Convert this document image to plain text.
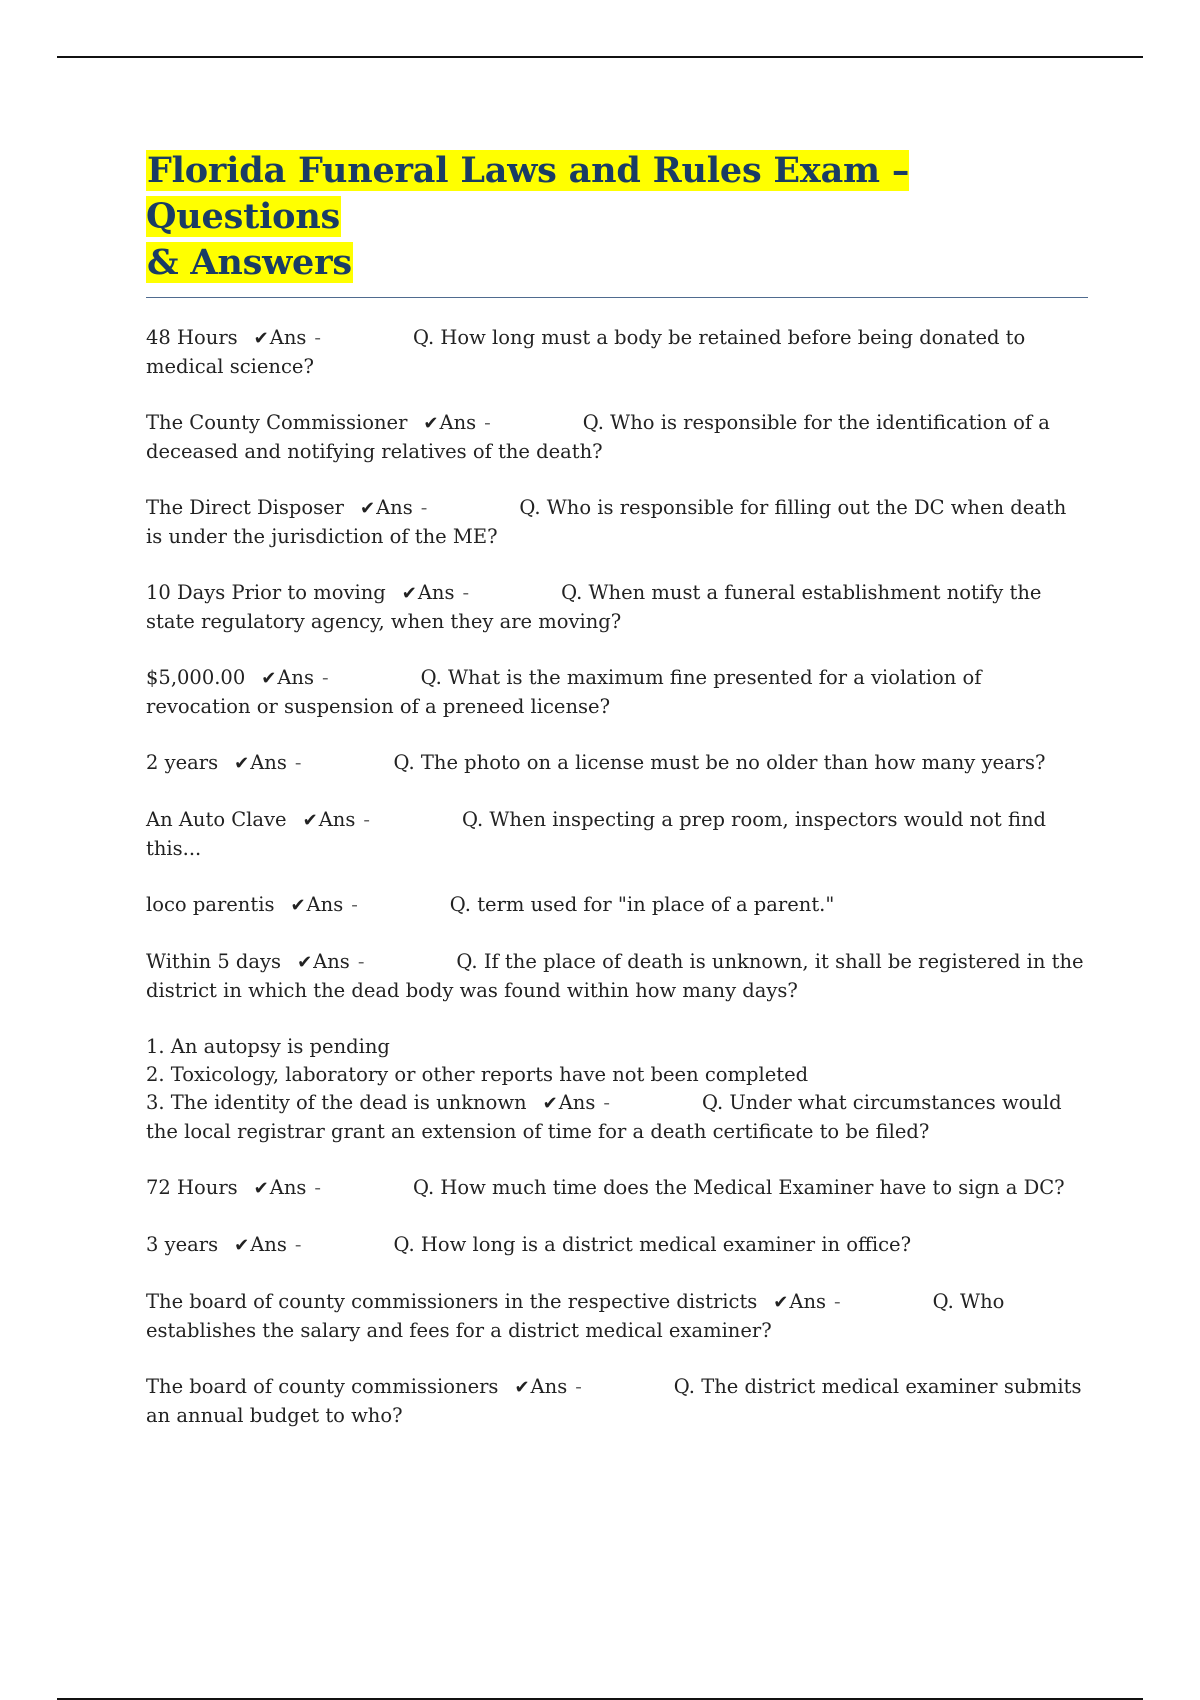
Florida Funeral Laws and Rules Exam – Questions
& Answers

48 Hours ✔Ans -	Q. How long must a body be retained before being donated to medical science?

The County Commissioner ✔Ans -	Q. Who is responsible for the identification of a deceased and notifying relatives of the death?

The Direct Disposer ✔Ans -	Q. Who is responsible for filling out the DC when death is under the jurisdiction of the ME?

10 Days Prior to moving ✔Ans -	Q. When must a funeral establishment notify the state regulatory agency, when they are moving?

$5,000.00 ✔Ans -	Q. What is the maximum fine presented for a violation of revocation or suspension of a preneed license?

2 years ✔Ans -	Q. The photo on a license must be no older than how many years?

An Auto Clave ✔Ans -	Q. When inspecting a prep room, inspectors would not find this...

loco parentis ✔Ans -	Q. term used for "in place of a parent."

Within 5 days ✔Ans -	Q. If the place of death is unknown, it shall be registered in the district in which the dead body was found within how many days?

1. An autopsy is pending
2. Toxicology, laboratory or other reports have not been completed
3. The identity of the dead is unknown ✔Ans -	Q. Under what circumstances would the local registrar grant an extension of time for a death certificate to be filed?

72 Hours ✔Ans -	Q. How much time does the Medical Examiner have to sign a DC?

3 years ✔Ans -	Q. How long is a district medical examiner in office?

The board of county commissioners in the respective districts ✔Ans -	Q. Who establishes the salary and fees for a district medical examiner?

The board of county commissioners ✔Ans -	Q. The district medical examiner submits an annual budget to who?
